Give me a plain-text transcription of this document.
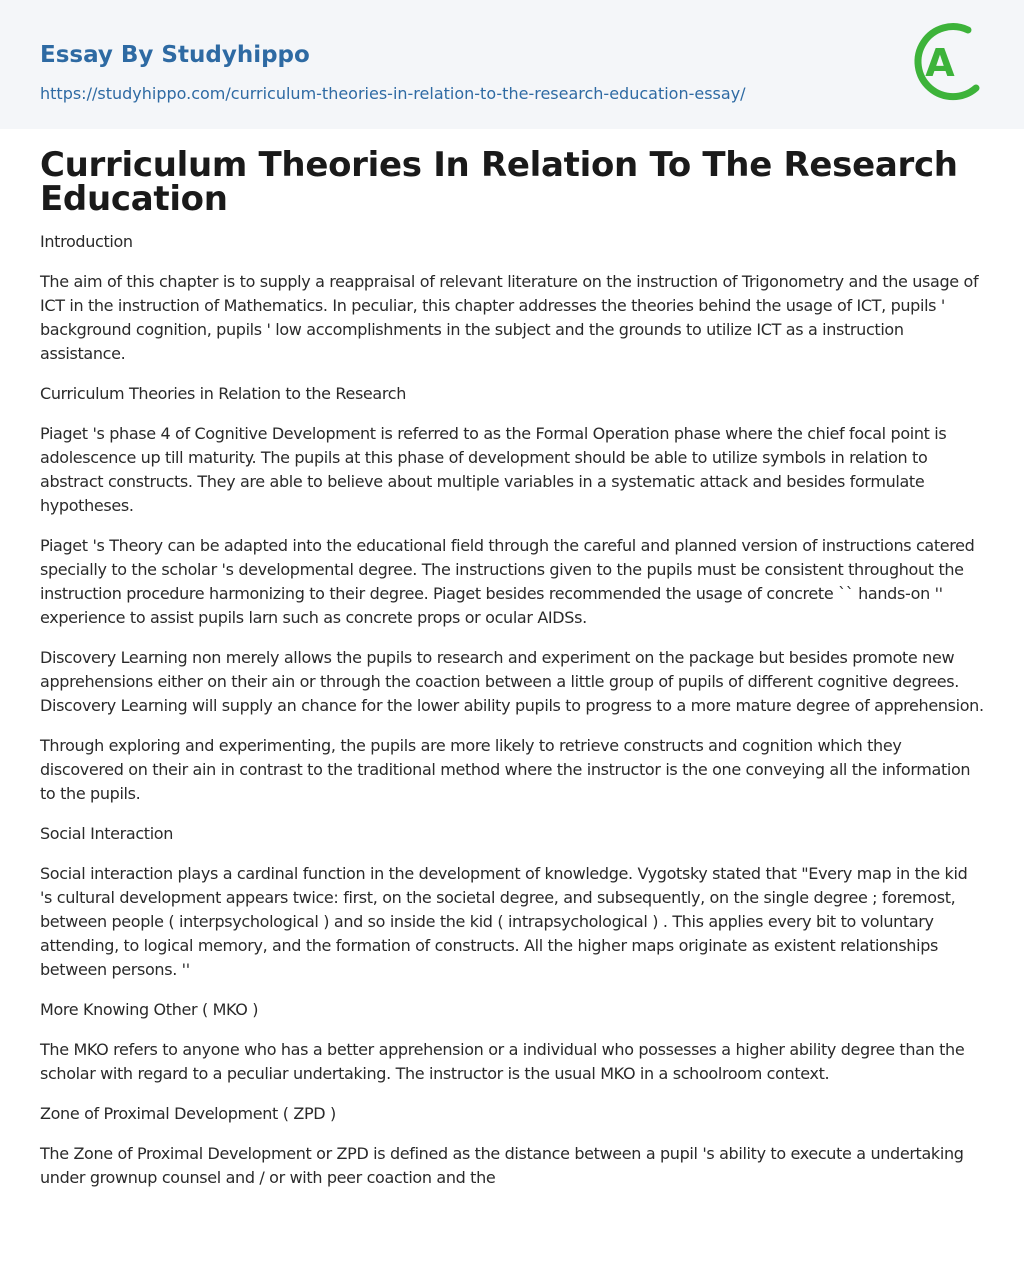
Essay By Studyhippo
https://studyhippo.com/curriculum-theories-in-relation-to-the-research-education-essay/
A
Curriculum Theories In Relation To The Research Education

Introduction

The aim of this chapter is to supply a reappraisal of relevant literature on the instruction of Trigonometry and the usage of ICT in the instruction of Mathematics. In peculiar, this chapter addresses the theories behind the usage of ICT, pupils ' background cognition, pupils ' low accomplishments in the subject and the grounds to utilize ICT as a instruction assistance.

Curriculum Theories in Relation to the Research

Piaget 's phase 4 of Cognitive Development is referred to as the Formal Operation phase where the chief focal point is adolescence up till maturity. The pupils at this phase of development should be able to utilize symbols in relation to abstract constructs. They are able to believe about multiple variables in a systematic attack and besides formulate hypotheses.

Piaget 's Theory can be adapted into the educational field through the careful and planned version of instructions catered specially to the scholar 's developmental degree. The instructions given to the pupils must be consistent throughout the instruction procedure harmonizing to their degree. Piaget besides recommended the usage of concrete `` hands-on '' experience to assist pupils larn such as concrete props or ocular AIDSs.

Discovery Learning non merely allows the pupils to research and experiment on the package but besides promote new apprehensions either on their ain or through the coaction between a little group of pupils of different cognitive degrees. Discovery Learning will supply an chance for the lower ability pupils to progress to a more mature degree of apprehension.

Through exploring and experimenting, the pupils are more likely to retrieve constructs and cognition which they discovered on their ain in contrast to the traditional method where the instructor is the one conveying all the information to the pupils.

Social Interaction

Social interaction plays a cardinal function in the development of knowledge. Vygotsky stated that "Every map in the kid 's cultural development appears twice: first, on the societal degree, and subsequently, on the single degree ; foremost, between people ( interpsychological ) and so inside the kid ( intrapsychological ) . This applies every bit to voluntary attending, to logical memory, and the formation of constructs. All the higher maps originate as existent relationships between persons. ''

More Knowing Other ( MKO )

The MKO refers to anyone who has a better apprehension or a individual who possesses a higher ability degree than the scholar with regard to a peculiar undertaking. The instructor is the usual MKO in a schoolroom context.

Zone of Proximal Development ( ZPD )

The Zone of Proximal Development or ZPD is defined as the distance between a pupil 's ability to execute a undertaking under grownup counsel and / or with peer coaction and the
